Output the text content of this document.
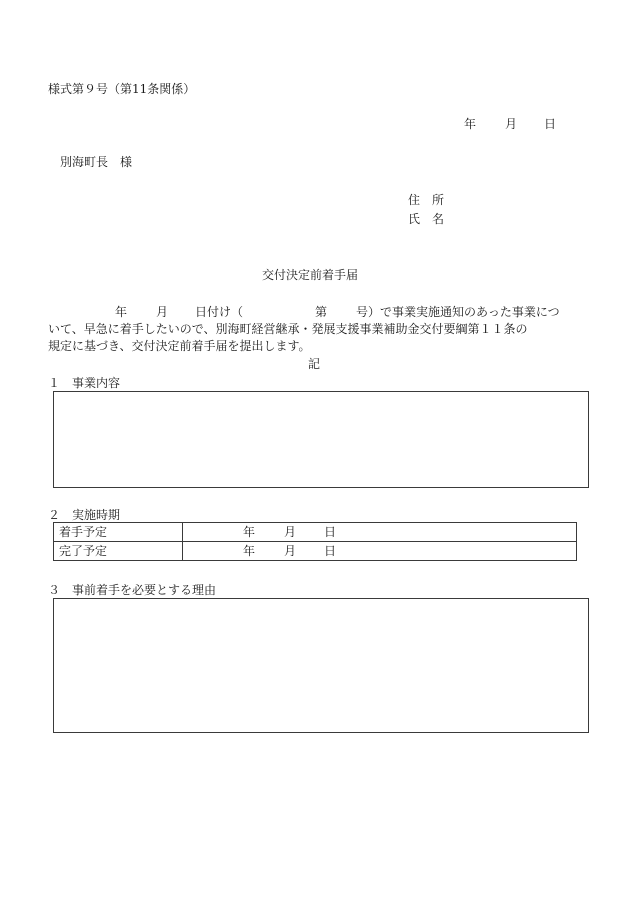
様式第９号（第11条関係）
年 月 日
別海町長　様
住　所
氏　名
交付決定前着手届
年 月 日付け（	第 号）で事業実施通知のあった事業につ
いて、早急に着手したいので、別海町経営継承・発展支援事業補助金交付要綱第１１条の
規定に基づき、交付決定前着手届を提出します。
記
１　事業内容
２　実施時期
着手予定	年 月 日

完了予定	年 月 日
３　事前着手を必要とする理由
